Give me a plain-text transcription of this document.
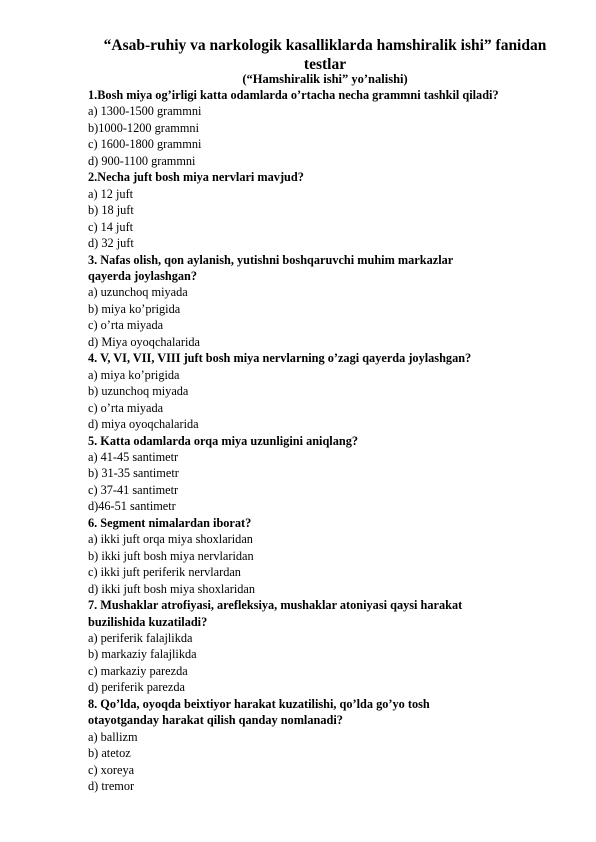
“Asab-ruhiy va narkologik kasalliklarda hamshiralik ishi” fanidan
testlar
(“Hamshiralik ishi” yo’nalishi)
1.Bosh miya og’irligi katta odamlarda o’rtacha necha grammni tashkil qiladi?
a) 1300-1500 grammni
b)1000-1200 grammni
c) 1600-1800 grammni
d) 900-1100 grammni
2.Necha juft bosh miya nervlari mavjud?
a) 12 juft
b) 18 juft
c) 14 juft
d) 32 juft
3. Nafas olish, qon aylanish, yutishni boshqaruvchi muhim markazlar
qayerda joylashgan?
a) uzunchoq miyada
b) miya ko’prigida
c) o’rta miyada
d) Miya oyoqchalarida
4. V, VI, VII, VIII juft bosh miya nervlarning o’zagi qayerda joylashgan?
a) miya ko’prigida
b) uzunchoq miyada
c) o’rta miyada
d) miya oyoqchalarida
5. Katta odamlarda orqa miya uzunligini aniqlang?
a) 41-45 santimetr
b) 31-35 santimetr
c) 37-41 santimetr
d)46-51 santimetr
6. Segment nimalardan iborat?
a) ikki juft orqa miya shoxlaridan
b) ikki juft bosh miya nervlaridan
c) ikki juft periferik nervlardan
d) ikki juft bosh miya shoxlaridan
7. Mushaklar atrofiyasi, arefleksiya, mushaklar atoniyasi qaysi harakat
buzilishida kuzatiladi?
a) periferik falajlikda
b) markaziy falajlikda
c) markaziy parezda
d) periferik parezda
8. Qo’lda, oyoqda beixtiyor harakat kuzatilishi, qo’lda go’yo tosh
otayotganday harakat qilish qanday nomlanadi?
a) ballizm
b) atetoz
c) xoreya
d) tremor
